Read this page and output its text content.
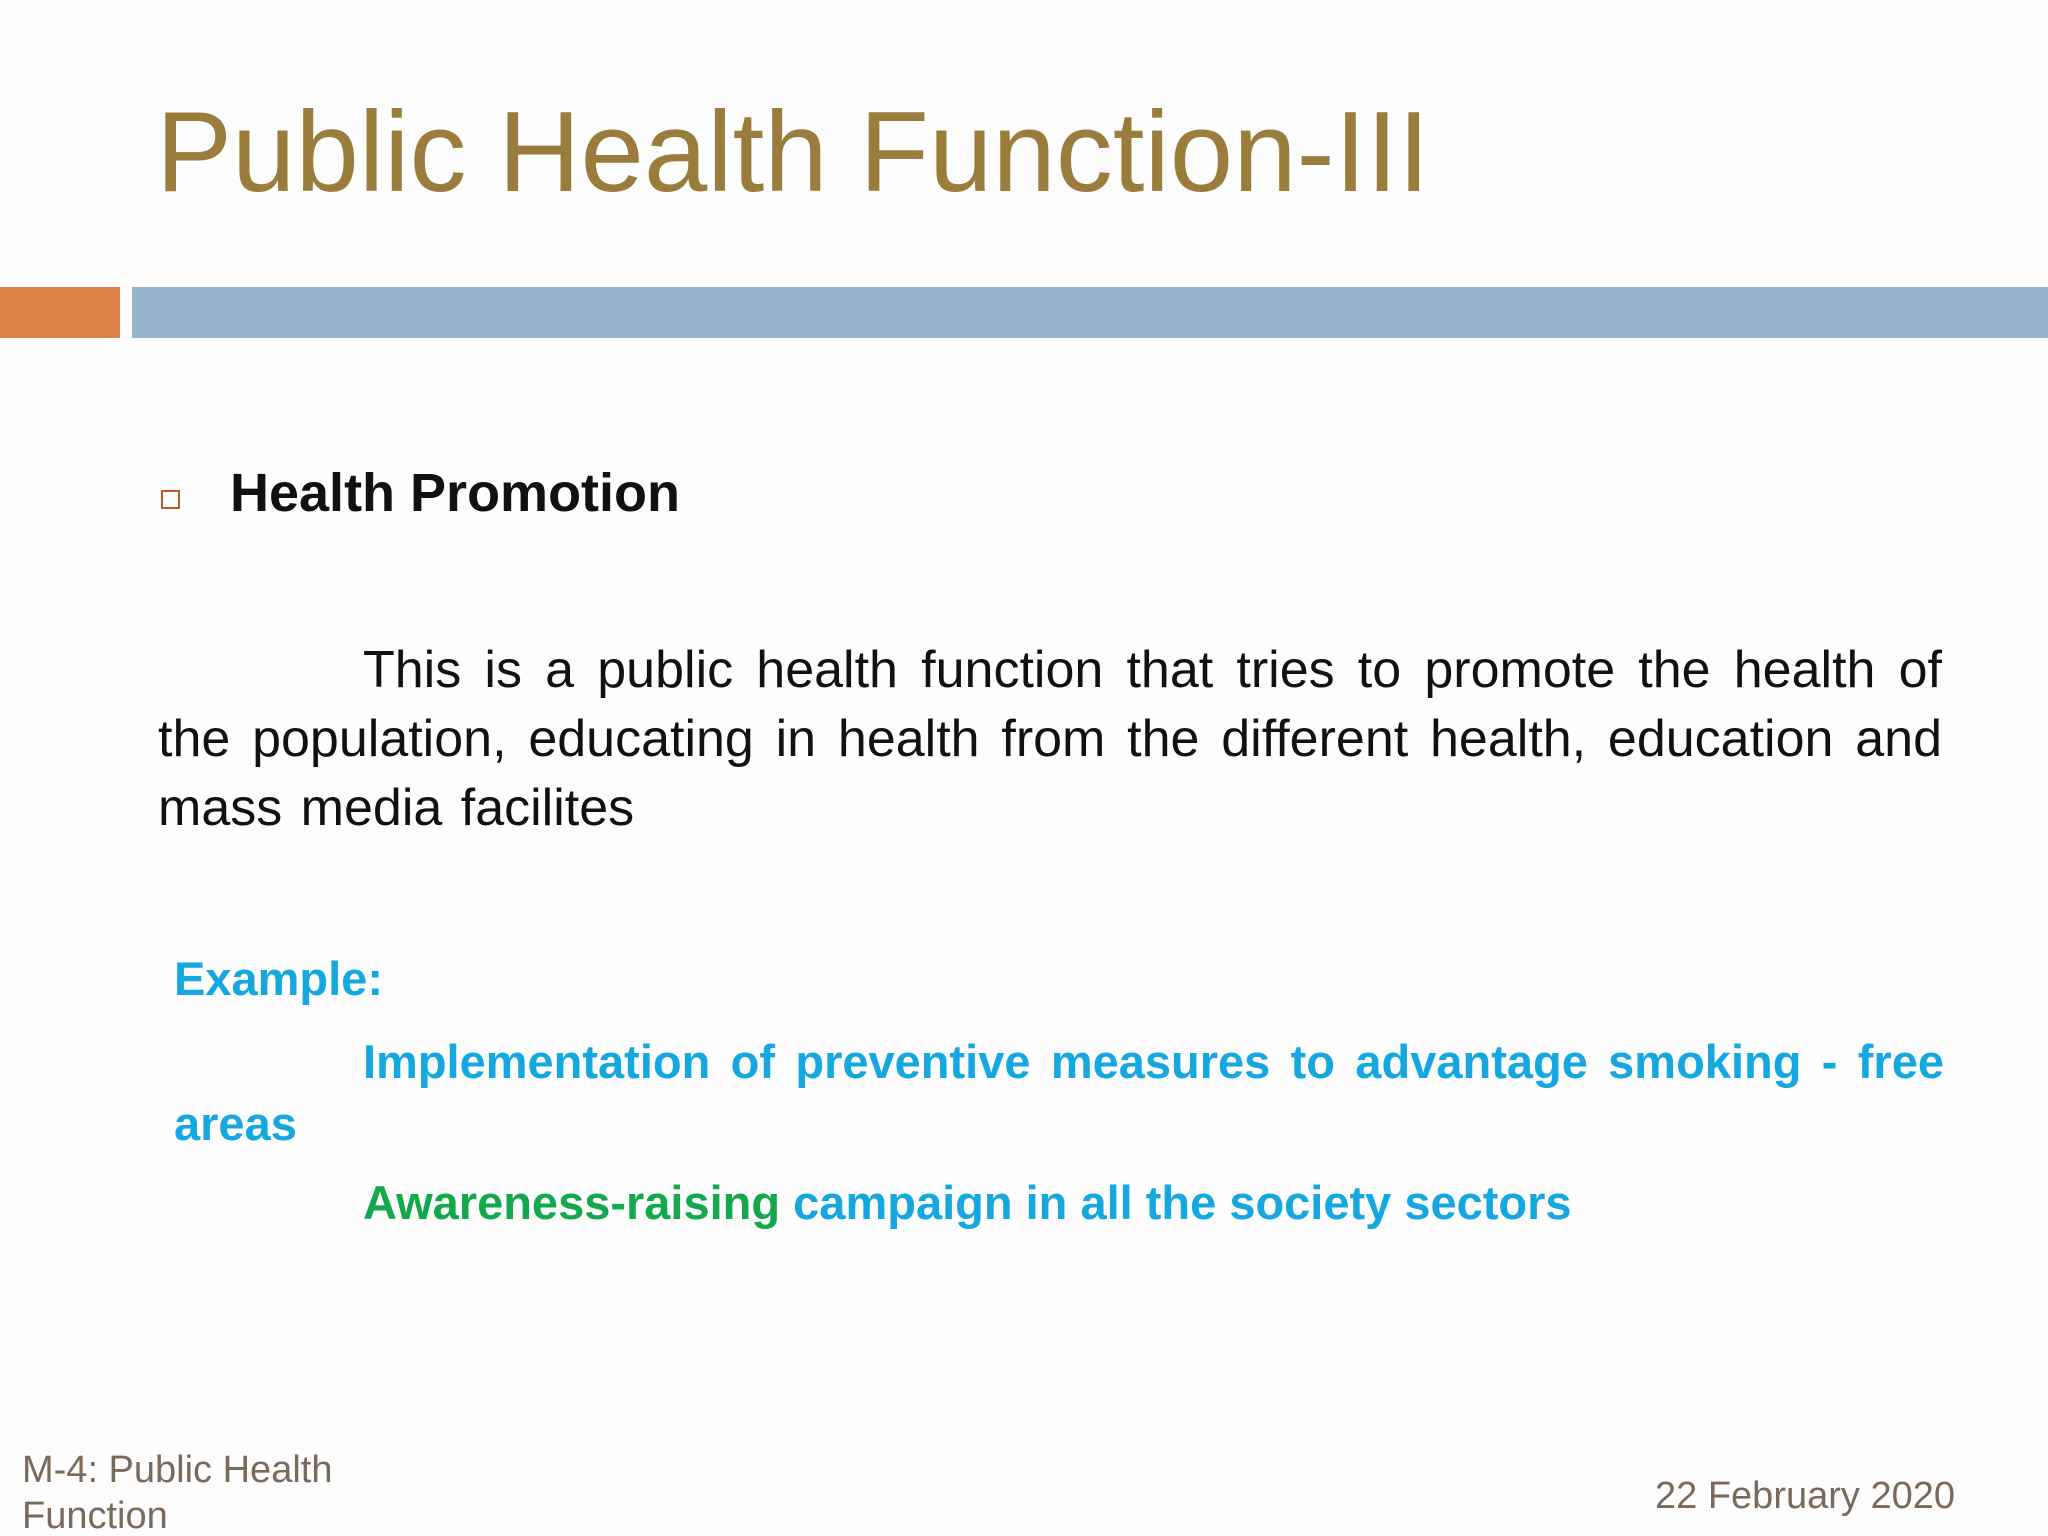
Public Health Function-III
Health Promotion

This is a public health function that tries to promote the health of the population, educating in health from the different health, education and mass media facilites

Example:

Implementation of preventive measures to advantage smoking - free areas

Awareness-raising campaign in all the society sectors

M-4: Public Health Function	22 February 2020
